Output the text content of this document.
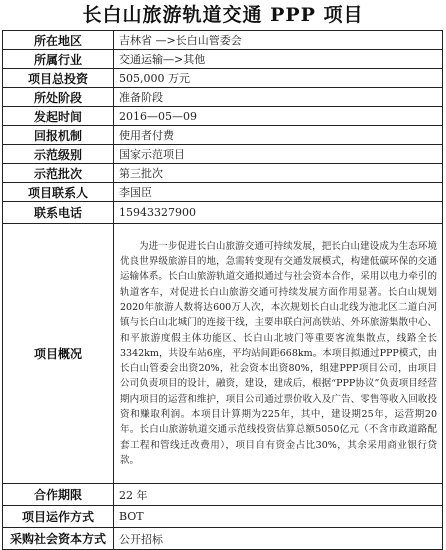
长白山旅游轨道交通 PPP 项目
所在地区	吉林省 —>长白山管委会
所属行业	交通运输—>其他
项目总投资	505,000 万元
所处阶段	准备阶段
发起时间	2016—05—09
回报机制	使用者付费
示范级别	国家示范项目
示范批次	第三批次
项目联系人	李国臣
联系电话	15943327900
项目概况	为进一步促进长白山旅游交通可持续发展，把长白山建设成为生态环境优良世界级旅游目的地，急需转变现有交通发展模式，构建低碳环保的交通运输体系。长白山旅游轨道交通拟通过与社会资本合作，采用以电力牵引的轨道客车，对促进长白山旅游交通可持续发展方面作用显著。长白山规划2020年旅游人数将达600万人次，本次规划长白山北线为池北区二道白河镇与长白山北城门的连接干线，主要串联白河高铁站、外环旅游集散中心、和平旅游度假主体功能区、长白山北坡门等重要客流集散点，线路全长3342km，共设车站6座，平均站间距668km。本项目拟通过PPP模式，由长白山管委会出资20%，社会资本出资80%，组建PPP项目公司，由项目公司负责项目的设计，融资，建设，建成后，根据“PPP协议”负责项目经营期内项目的运营和维护，项目公司通过票价收入及广告、零售等收入回收投资和赚取利润。本项目计算期为225年，其中，建设期25年，运营期20年。长白山旅游轨道交通示范线投资估算总额5050亿元（不含市政道路配套工程和管线迁改费用），项目自有资金占比30%，其余采用商业银行贷款。
合作期限	22 年
项目运作方式	BOT
采购社会资本方式	公开招标
